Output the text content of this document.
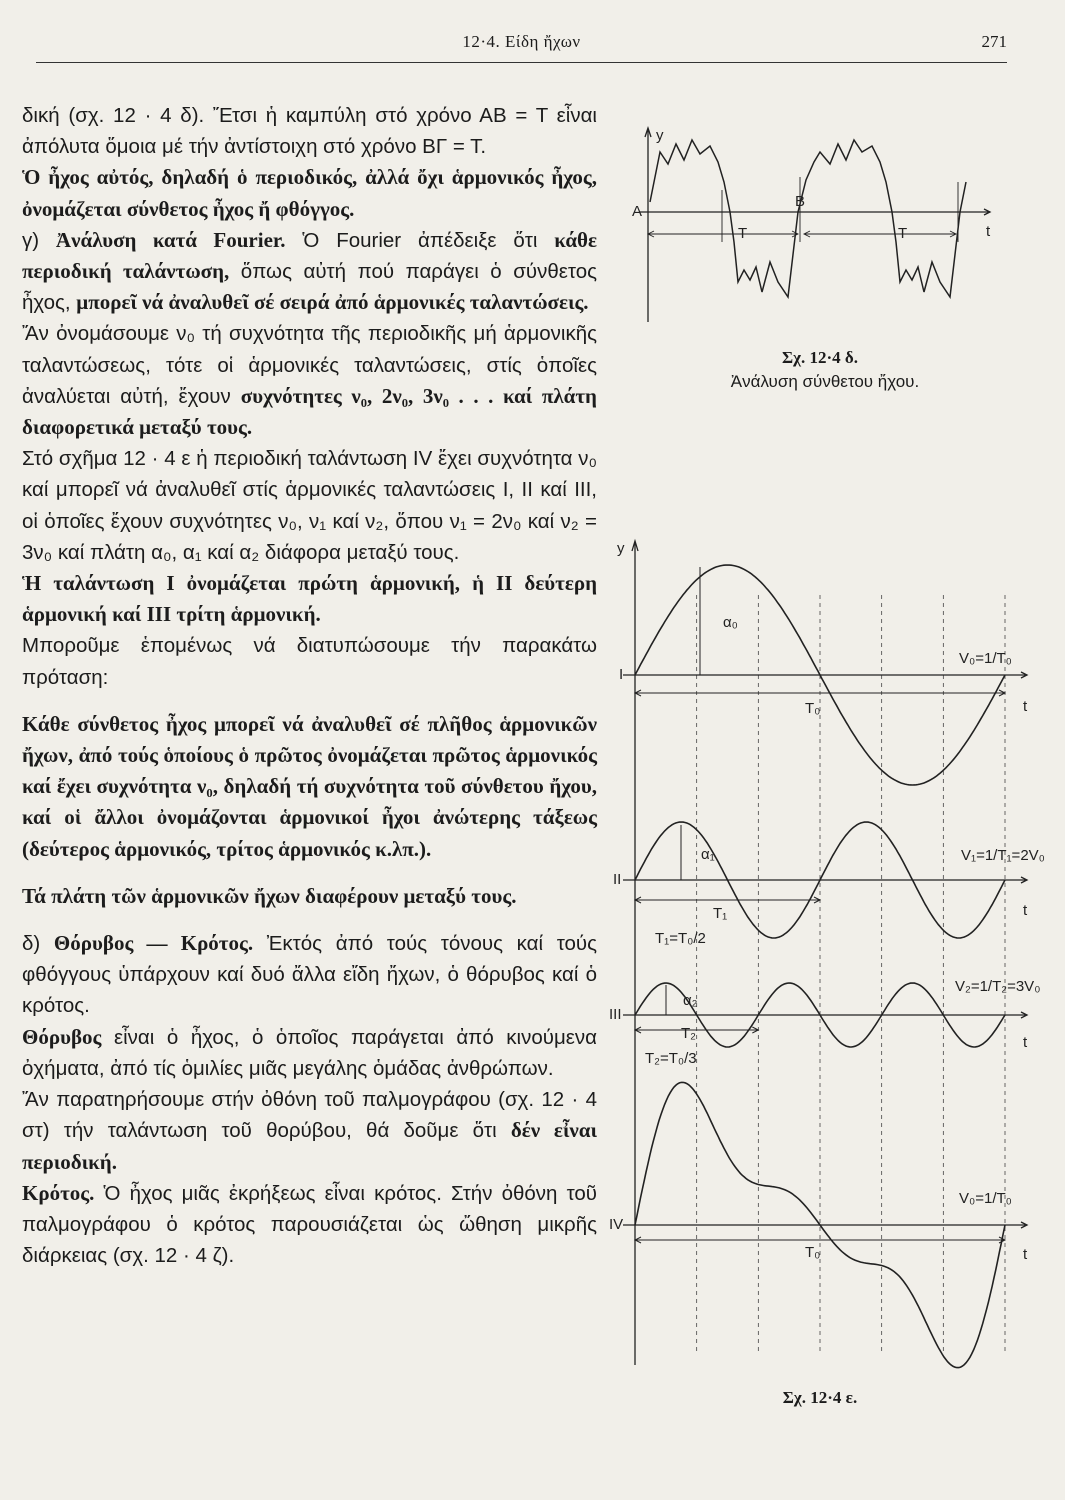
12·4. Είδη ἤχων	271

δική (σχ. 12 · 4 δ). Ἔτσι ἡ καμπύλη στό χρόνο ΑΒ = Τ εἶναι ἀπόλυτα ὅμοια μέ τήν ἀντίστοιχη στό χρόνο ΒΓ = Τ.

Ὁ ἦχος αὐτός, δηλαδή ὁ περιοδικός, ἀλλά ὄχι ἁρμονικός ἦχος, ὀνομάζεται σύνθετος ἦχος ἤ φθόγγος.

γ) Ἀνάλυση κατά Fourier. Ὁ Fourier ἀπέδειξε ὅτι κάθε περιοδική ταλάντωση, ὅπως αὐτή πού παράγει ὁ σύνθετος ἦχος, μπορεῖ νά ἀναλυθεῖ σέ σειρά ἀπό ἁρμονικές ταλαντώσεις.

Ἄν ὀνομάσουμε ν₀ τή συχνότητα τῆς περιοδικῆς μή ἁρμονικῆς ταλαντώσεως, τότε οἱ ἁρμονικές ταλαντώσεις, στίς ὁποῖες ἀναλύεται αὐτή, ἔχουν συχνότητες ν₀, 2ν₀, 3ν₀ . . . καί πλάτη διαφορετικά μεταξύ τους.

Στό σχῆμα 12 · 4 ε ἡ περιοδική ταλάντωση IV ἔχει συχνότητα ν₀ καί μπορεῖ νά ἀναλυθεῖ στίς ἁρμονικές ταλαντώσεις I, II καί III, οἱ ὁποῖες ἔχουν συχνότητες ν₀, ν₁ καί ν₂, ὅπου ν₁ = 2ν₀ καί ν₂ = 3ν₀ καί πλάτη α₀, α₁ καί α₂ διάφορα μεταξύ τους.

Ἡ ταλάντωση I ὀνομάζεται πρώτη ἁρμονική, ἡ II δεύτερη ἁρμονική καί III τρίτη ἁρμονική.

Μποροῦμε ἑπομένως νά διατυπώσουμε τήν παρακάτω πρόταση:

Κάθε σύνθετος ἦχος μπορεῖ νά ἀναλυθεῖ σέ πλῆθος ἁρμονικῶν ἤχων, ἀπό τούς ὁποίους ὁ πρῶτος ὀνομάζεται πρῶτος ἁρμονικός καί ἔχει συχνότητα ν₀, δηλαδή τή συχνότητα τοῦ σύνθετου ἤχου, καί οἱ ἄλλοι ὀνομάζονται ἁρμονικοί ἦχοι ἀνώτερης τάξεως (δεύτερος ἁρμονικός, τρίτος ἁρμονικός κ.λπ.).

Τά πλάτη τῶν ἁρμονικῶν ἤχων διαφέρουν μεταξύ τους.

δ) Θόρυβος — Κρότος. Ἐκτός ἀπό τούς τόνους καί τούς φθόγγους ὑπάρχουν καί δυό ἄλλα εἴδη ἤχων, ὁ θόρυβος καί ὁ κρότος.

Θόρυβος εἶναι ὁ ἦχος, ὁ ὁποῖος παράγεται ἀπό κινούμενα ὀχήματα, ἀπό τίς ὁμιλίες μιᾶς μεγάλης ὁμάδας ἀνθρώπων.

Ἄν παρατηρήσουμε στήν ὀθόνη τοῦ παλμογράφου (σχ. 12 · 4 στ) τήν ταλάντωση τοῦ θορύβου, θά δοῦμε ὅτι δέν εἶναι περιοδική.

Κρότος. Ὁ ἦχος μιᾶς ἐκρήξεως εἶναι κρότος. Στήν ὀθόνη τοῦ παλμογράφου ὁ κρότος παρουσιάζεται ὡς ὤθηση μικρῆς διάρκειας (σχ. 12 · 4 ζ).

y
Α
Β
Τ	Τ	t
Σχ. 12·4 δ.
Ἀνάλυση σύνθετου ἤχου.
y
I
II
III
IV
α₀
α₁
α₂
T₀
T₁
T₂
T₀
t
t
t
t
V₀=1/T₀
V₁=1/T₁=2V₀
V₂=1/T₂=3V₀
V₀=1/T₀
T₁=T₀/2
T₂=T₀/3
Σχ. 12·4 ε.
